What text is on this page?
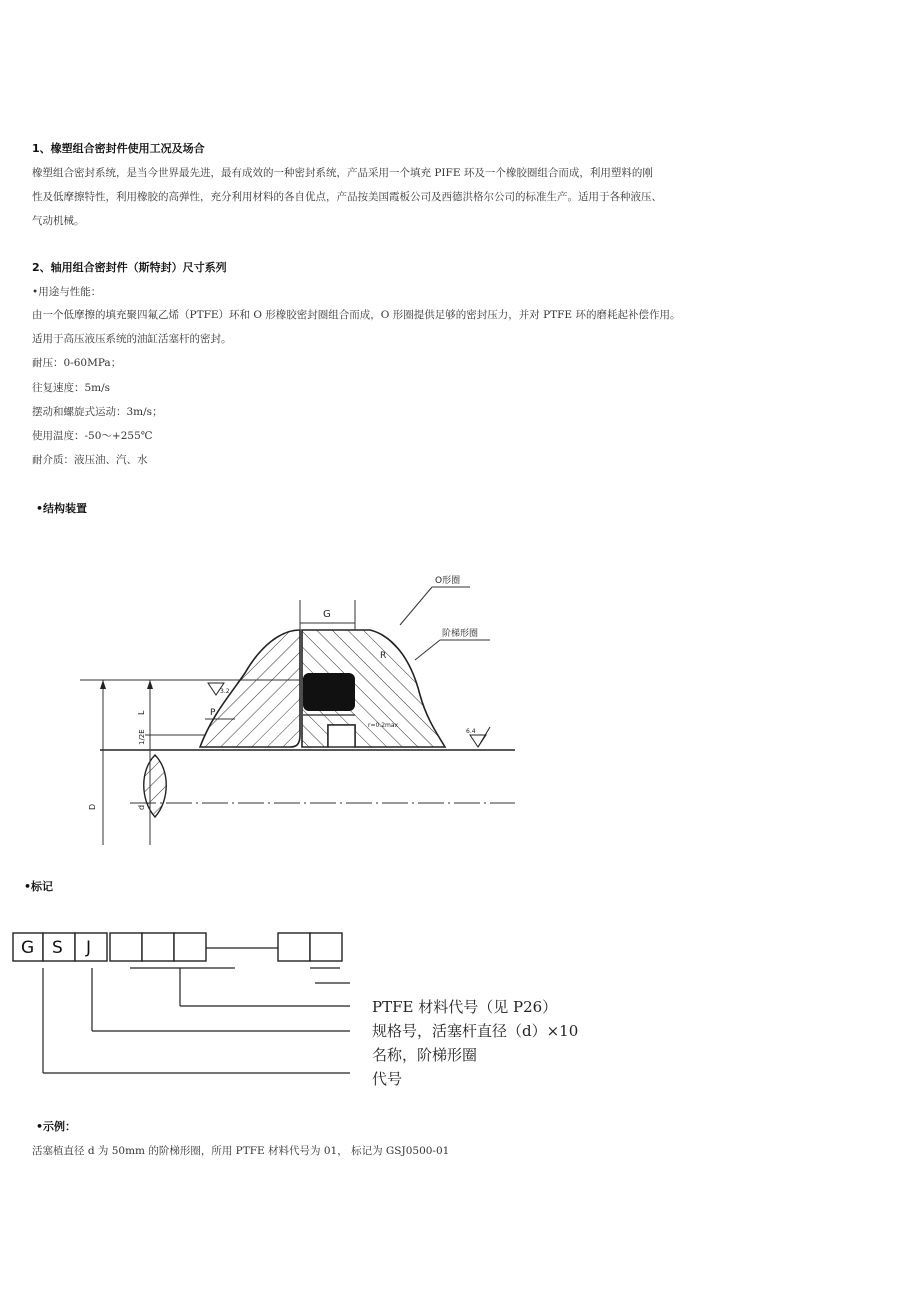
1、橡塑组合密封件使用工况及场合
橡塑组合密封系统，是当今世界最先进，最有成效的一种密封系统，产品采用一个填充 PIFE 环及一个橡胶圈组合而成，利用塑料的刚
性及低摩擦特性，利用橡胶的高弹性，充分利用材料的各自优点，产品按美国霞板公司及西德洪格尔公司的标准生产。适用于各种液压、
气动机械。
2、轴用组合密封件（斯特封）尺寸系列
•用途与性能：
由一个低摩擦的填充聚四氟乙烯（PTFE）环和 O 形橡胶密封圈组合而成，O 形圈提供足够的密封压力，并对 PTFE 环的磨耗起补偿作用。
适用于高压液压系统的油缸活塞杆的密封。
耐压：0-60MPa；
往复速度：5m/s
摆动和螺旋式运动：3m/s；
使用温度：-50～+255℃
耐介质：液压油、汽、水
•结构装置
G
O形圈
阶梯形圈
R
P
r=0.2max
3.2
6.4
D	d
L
1/2E
•标记
G S J
PTFE 材料代号（见 P26）
规格号，活塞杆直径（d）×10
名称，阶梯形圈
代号
•示例：
活塞植直径 d 为 50mm 的阶梯形圈，所用 PTFE 材料代号为 01， 标记为 GSJ0500-01
